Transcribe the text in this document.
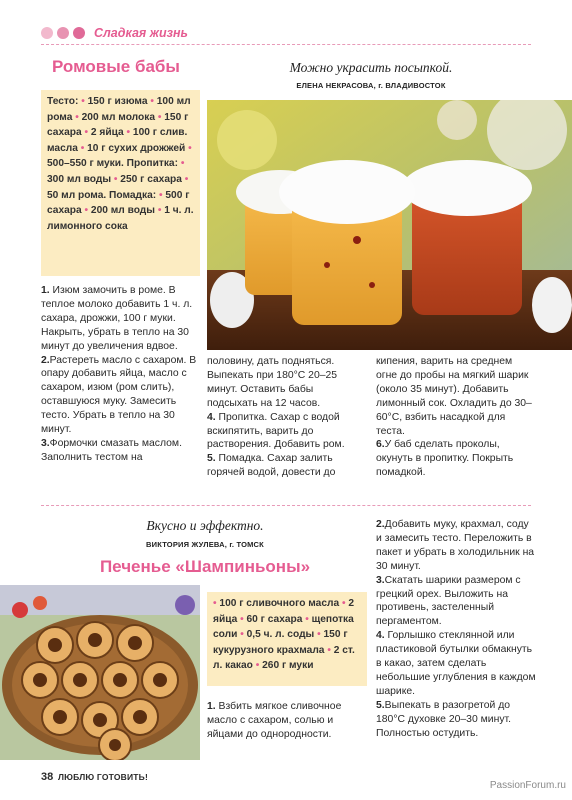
Сладкая жизнь
Ромовые бабы
Тесто: • 150 г изюма • 100 мл рома • 200 мл молока • 150 г сахара • 2 яйца • 100 г слив. масла • 10 г сухих дрожжей • 500–550 г муки. Пропитка: • 300 мл воды • 250 г сахара • 50 мл рома. Помадка: • 500 г сахара • 200 мл воды • 1 ч. л. лимонного сока
Можно украсить посыпкой.
ЕЛЕНА НЕКРАСОВА, г. ВЛАДИВОСТОК
1. Изюм замочить в роме. В теплое молоко добавить 1 ч. л. сахара, дрожжи, 100 г муки. Накрыть, убрать в тепло на 30 минут до увеличения вдвое.
2.Растереть масло с сахаром. В опару добавить яйца, масло с сахаром, изюм (ром слить), оставшуюся муку. Замесить тесто. Убрать в тепло на 30 минут.
3.Формочки смазать маслом. Заполнить тестом на
половину, дать подняться. Выпекать при 180°С 20–25 минут. Оставить бабы подсыхать на 12 часов.
4. Пропитка. Сахар с водой вскипятить, варить до растворения. Добавить ром.
5. Помадка. Сахар залить горячей водой, довести до
кипения, варить на среднем огне до пробы на мягкий шарик (около 35 минут). Добавить лимонный сок. Охладить до 30–60°С, взбить насадкой для теста.
6.У баб сделать проколы, окунуть в пропитку. Покрыть помадкой.
Вкусно и эффектно.
ВИКТОРИЯ ЖУЛЕВА, г. ТОМСК
Печенье «Шампиньоны»
• 100 г сливочного масла • 2 яйца • 60 г сахара • щепотка соли • 0,5 ч. л. соды • 150 г кукурузного крахмала • 2 ст. л. какао • 260 г муки
1. Взбить мягкое сливочное масло с сахаром, солью и яйцами до однородности.
2.Добавить муку, крахмал, соду и замесить тесто. Переложить в пакет и убрать в холодильник на 30 минут.
3.Скатать шарики размером с грецкий орех. Выложить на противень, застеленный пергаментом.
4. Горлышко стеклянной или пластиковой бутылки обмакнуть в какао, затем сделать небольшие углубления в каждом шарике.
5.Выпекать в разогретой до 180°С духовке 20–30 минут. Полностью остудить.
38 ЛЮБЛЮ ГОТОВИТЬ!
PassionForum.ru
